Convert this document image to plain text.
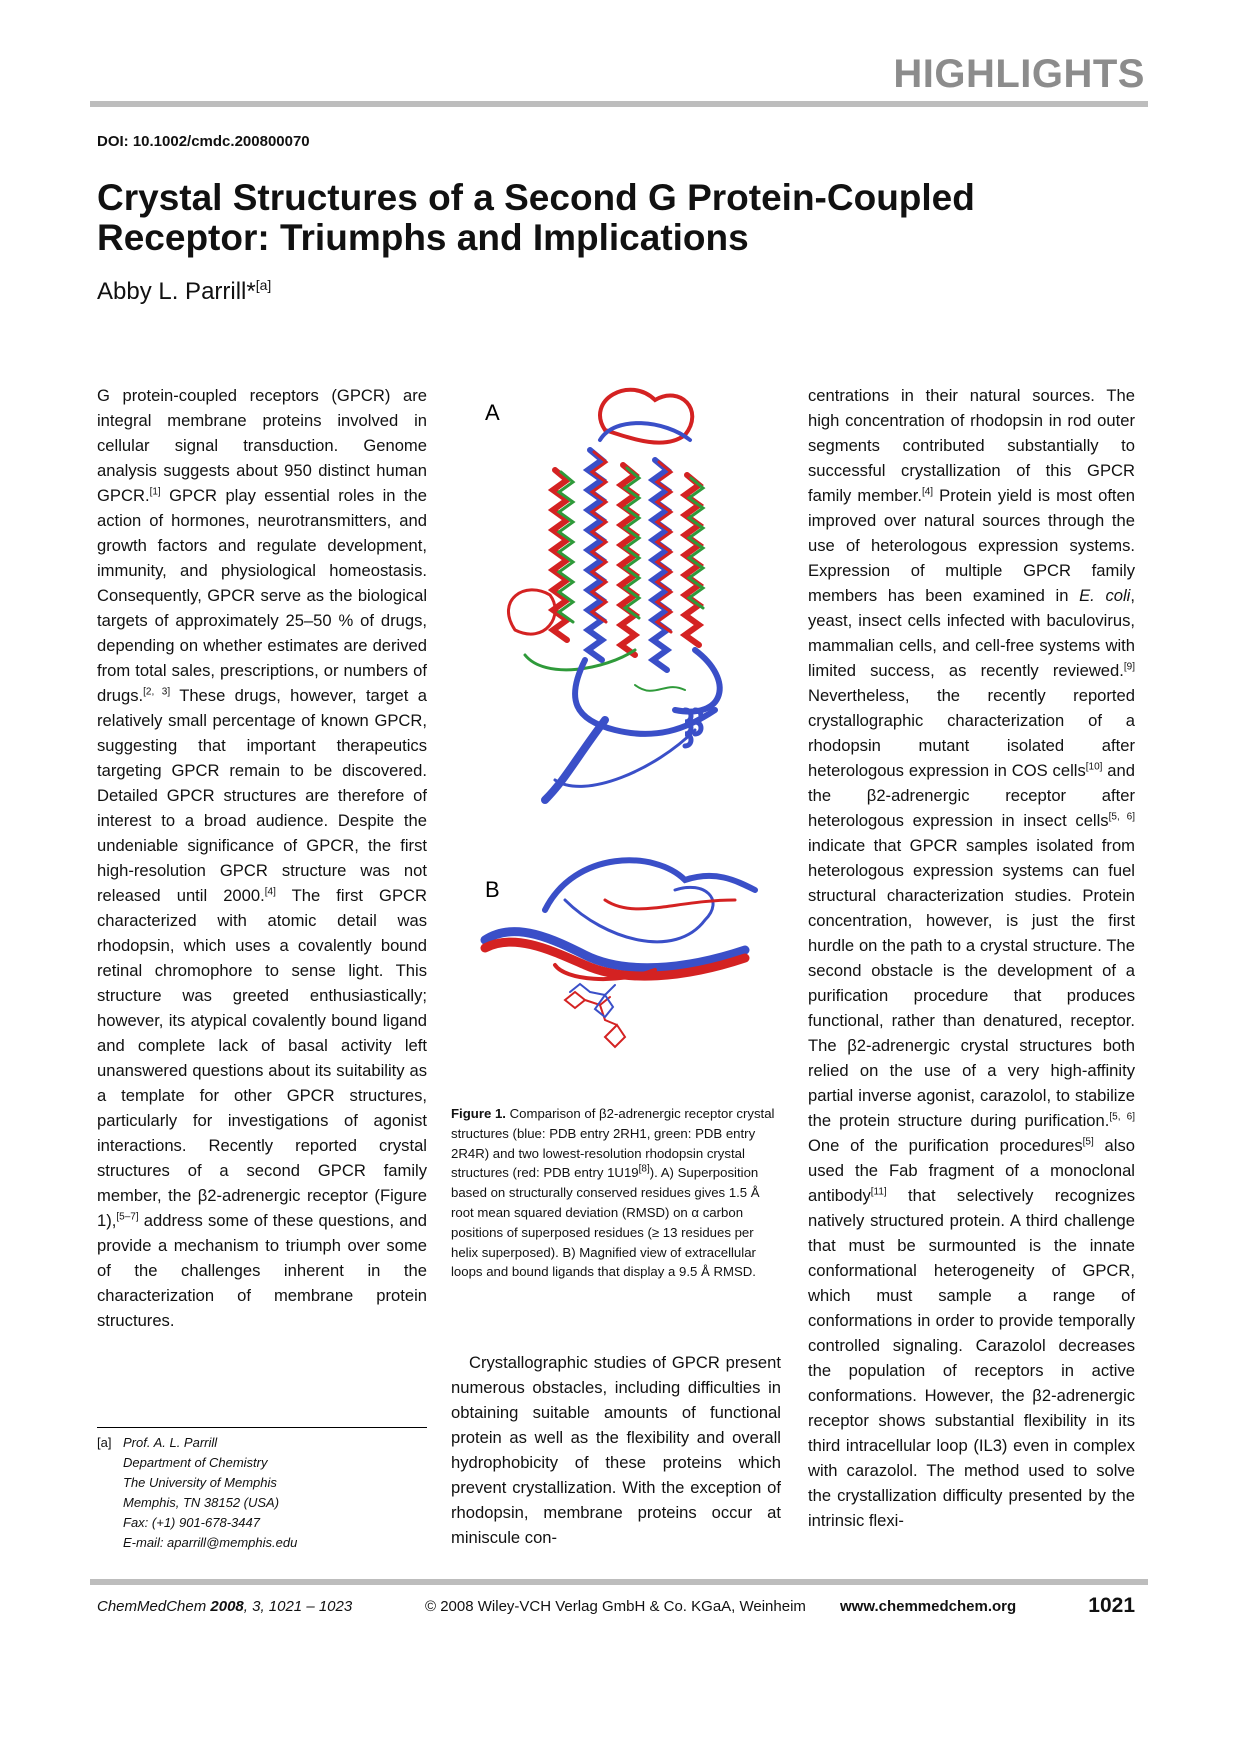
HIGHLIGHTS
DOI: 10.1002/cmdc.200800070
Crystal Structures of a Second G Protein-Coupled
Receptor: Triumphs and Implications
Abby L. Parrill*[a]
G protein-coupled receptors (GPCR) are integral membrane proteins involved in cellular signal transduction. Genome analysis suggests about 950 distinct human GPCR.[1] GPCR play essential roles in the action of hormones, neurotransmitters, and growth factors and regulate development, immunity, and physiological homeostasis. Consequently, GPCR serve as the biological targets of approximately 25–50 % of drugs, depending on whether estimates are derived from total sales, prescriptions, or numbers of drugs.[2, 3] These drugs, however, target a relatively small percentage of known GPCR, suggesting that important therapeutics targeting GPCR remain to be discovered. Detailed GPCR structures are therefore of interest to a broad audience. Despite the undeniable significance of GPCR, the first high-resolution GPCR structure was not released until 2000.[4] The first GPCR characterized with atomic detail was rhodopsin, which uses a covalently bound retinal chromophore to sense light. This structure was greeted enthusiastically; however, its atypical covalently bound ligand and complete lack of basal activity left unanswered questions about its suitability as a template for other GPCR structures, particularly for investigations of agonist interactions. Recently reported crystal structures of a second GPCR family member, the β2-adrenergic receptor (Figure 1),[5–7] address some of these questions, and provide a mechanism to triumph over some of the challenges inherent in the characterization of membrane protein structures.
[a] Prof. A. L. Parrill
Department of Chemistry
The University of Memphis
Memphis, TN 38152 (USA)
Fax: (+1) 901-678-3447
E-mail: aparrill@memphis.edu
A
B
Figure 1. Comparison of β2-adrenergic receptor crystal structures (blue: PDB entry 2RH1, green: PDB entry 2R4R) and two lowest-resolution rhodopsin crystal structures (red: PDB entry 1U19[8]). A) Superposition based on structurally conserved residues gives 1.5 Å root mean squared deviation (RMSD) on α carbon positions of superposed residues (≥ 13 residues per helix superposed). B) Magnified view of extracellular loops and bound ligands that display a 9.5 Å RMSD.
Crystallographic studies of GPCR present numerous obstacles, including difficulties in obtaining suitable amounts of functional protein as well as the flexibility and overall hydrophobicity of these proteins which prevent crystallization. With the exception of rhodopsin, membrane proteins occur at miniscule con-
centrations in their natural sources. The high concentration of rhodopsin in rod outer segments contributed substantially to successful crystallization of this GPCR family member.[4] Protein yield is most often improved over natural sources through the use of heterologous expression systems. Expression of multiple GPCR family members has been examined in E. coli, yeast, insect cells infected with baculovirus, mammalian cells, and cell-free systems with limited success, as recently reviewed.[9] Nevertheless, the recently reported crystallographic characterization of a rhodopsin mutant isolated after heterologous expression in COS cells[10] and the β2-adrenergic receptor after heterologous expression in insect cells[5, 6] indicate that GPCR samples isolated from heterologous expression systems can fuel structural characterization studies. Protein concentration, however, is just the first hurdle on the path to a crystal structure. The second obstacle is the development of a purification procedure that produces functional, rather than denatured, receptor. The β2-adrenergic crystal structures both relied on the use of a very high-affinity partial inverse agonist, carazolol, to stabilize the protein structure during purification.[5, 6] One of the purification procedures[5] also used the Fab fragment of a monoclonal antibody[11] that selectively recognizes natively structured protein. A third challenge that must be surmounted is the innate conformational heterogeneity of GPCR, which must sample a range of conformations in order to provide temporally controlled signaling. Carazolol decreases the population of receptors in active conformations. However, the β2-adrenergic receptor shows substantial flexibility in its third intracellular loop (IL3) even in complex with carazolol. The method used to solve the crystallization difficulty presented by the intrinsic flexi-
ChemMedChem 2008, 3, 1021 – 1023	© 2008 Wiley-VCH Verlag GmbH & Co. KGaA, Weinheim www.chemmedchem.org	1021
